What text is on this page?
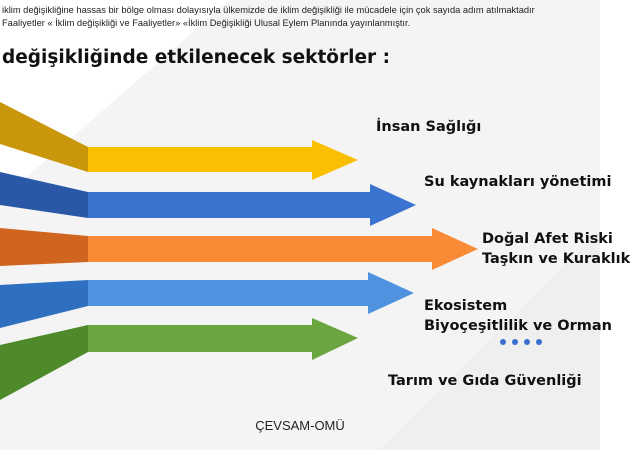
iklim değişikliğine hassas bir bölge olması dolayısıyla ülkemizde de iklim değişikliği ile mücadele için çok sayıda adım atılmaktadır
Faaliyetler « İklim değişikliği ve Faaliyetler» «İklim Değişikliği Ulusal Eylem Planında yayınlanmıştır.
değişikliğinde etkilenecek sektörler :
İnsan Sağlığı
Su kaynakları yönetimi
Doğal Afet Riski
Taşkın ve Kuraklık
Ekosistem
Biyoçeşitlilik ve Orman
Tarım ve Gıda Güvenliği
ÇEVSAM-OMÜ
